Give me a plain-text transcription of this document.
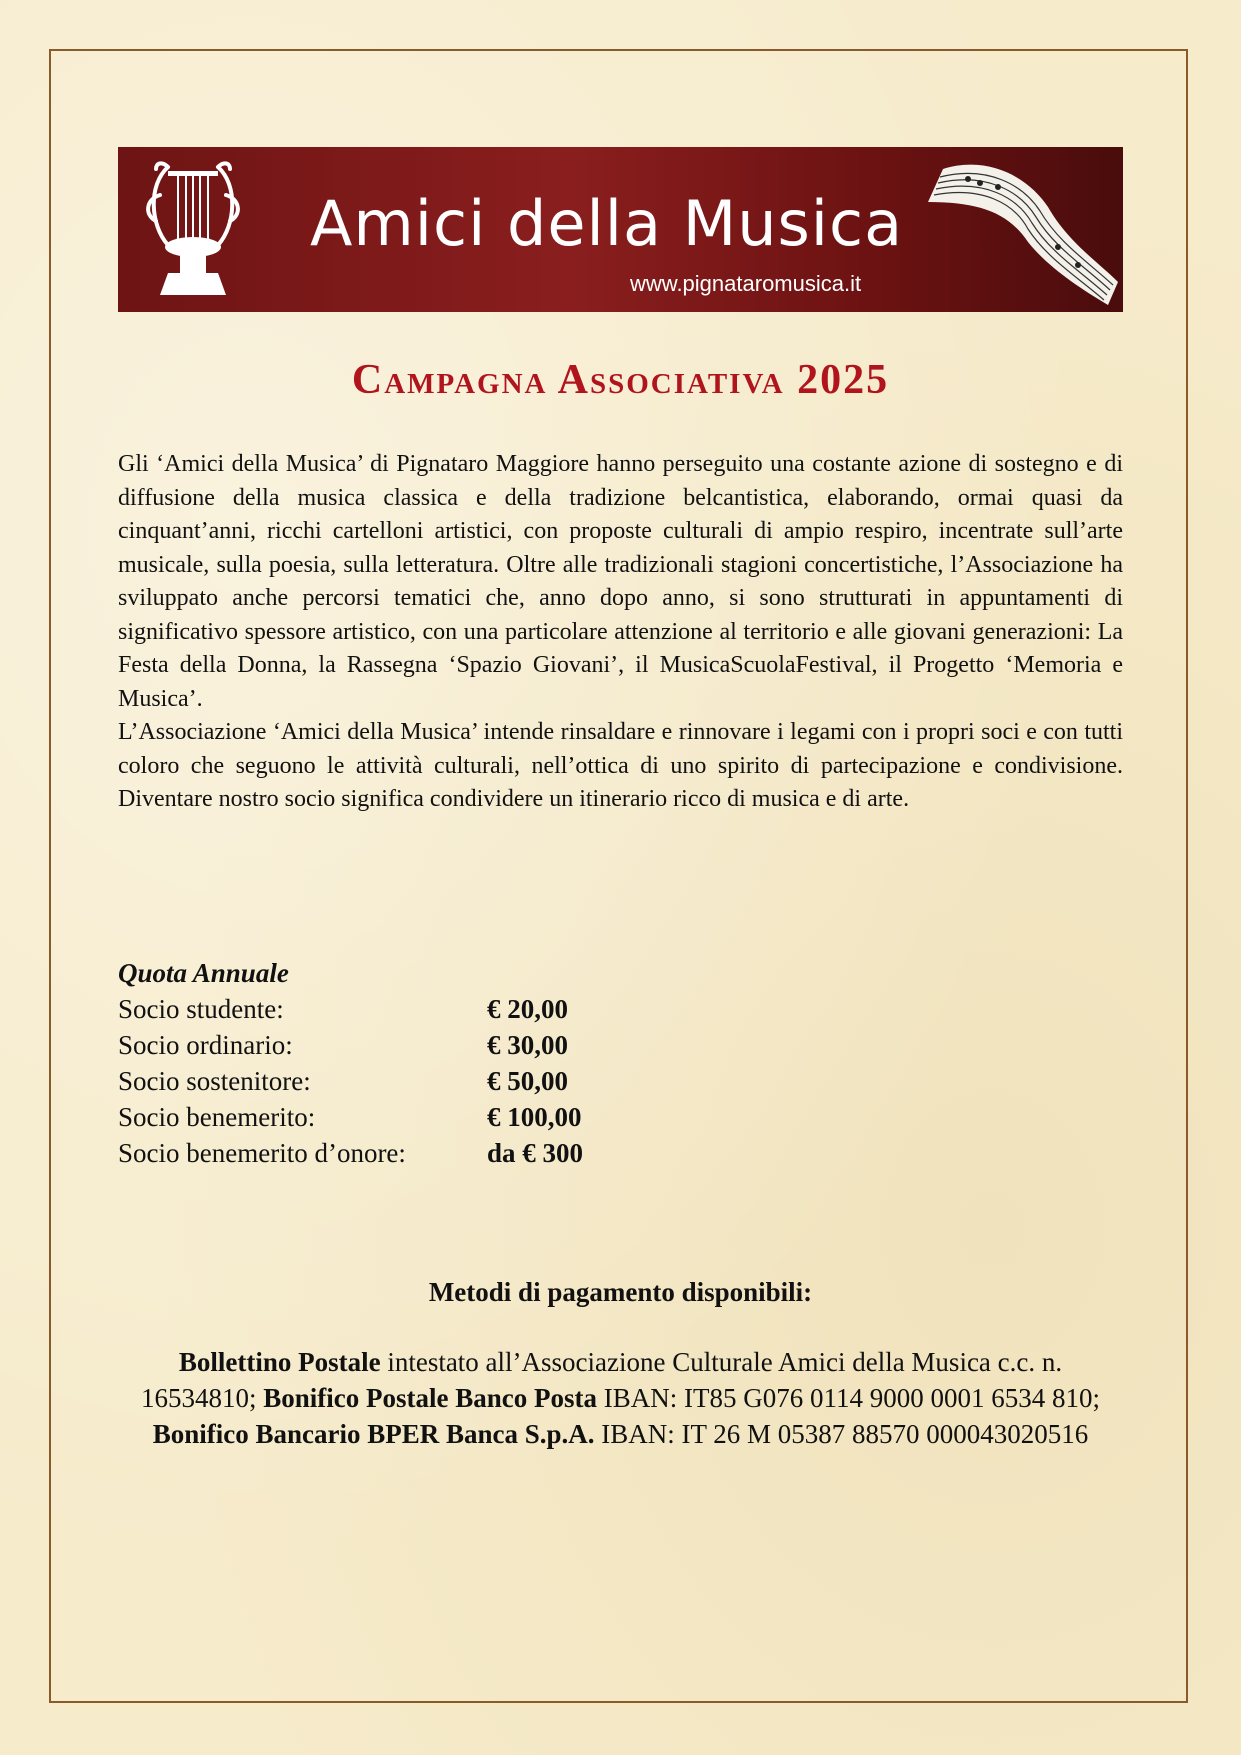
Amici della Musica
www.pignataromusica.it
Campagna Associativa 2025

Gli ‘Amici della Musica’ di Pignataro Maggiore hanno perseguito una costante azione di sostegno e di diffusione della musica classica e della tradizione belcantistica, elaborando, ormai quasi da cinquant’anni, ricchi cartelloni artistici, con proposte culturali di ampio respiro, incentrate sull’arte musicale, sulla poesia, sulla letteratura. Oltre alle tradizionali stagioni concertistiche, l’Associazione ha sviluppato anche percorsi tematici che, anno dopo anno, si sono strutturati in appuntamenti di significativo spessore artistico, con una particolare attenzione al territorio e alle giovani generazioni: La Festa della Donna, la Rassegna ‘Spazio Giovani’, il MusicaScuolaFestival, il Progetto ‘Memoria e Musica’.

L’Associazione ‘Amici della Musica’ intende rinsaldare e rinnovare i legami con i propri soci e con tutti coloro che seguono le attività culturali, nell’ottica di uno spirito di partecipazione e condivisione. Diventare nostro socio significa condividere un itinerario ricco di musica e di arte.

Quota Annuale
Socio studente:	€ 20,00
Socio ordinario:	€ 30,00
Socio sostenitore:	€ 50,00
Socio benemerito:	€ 100,00
Socio benemerito d’onore:	da € 300
Metodi di pagamento disponibili:

Bollettino Postale intestato all’Associazione Culturale Amici della Musica c.c. n. 16534810; Bonifico Postale Banco Posta IBAN: IT85 G076 0114 9000 0001 6534 810; Bonifico Bancario BPER Banca S.p.A. IBAN: IT 26 M 05387 88570 000043020516
